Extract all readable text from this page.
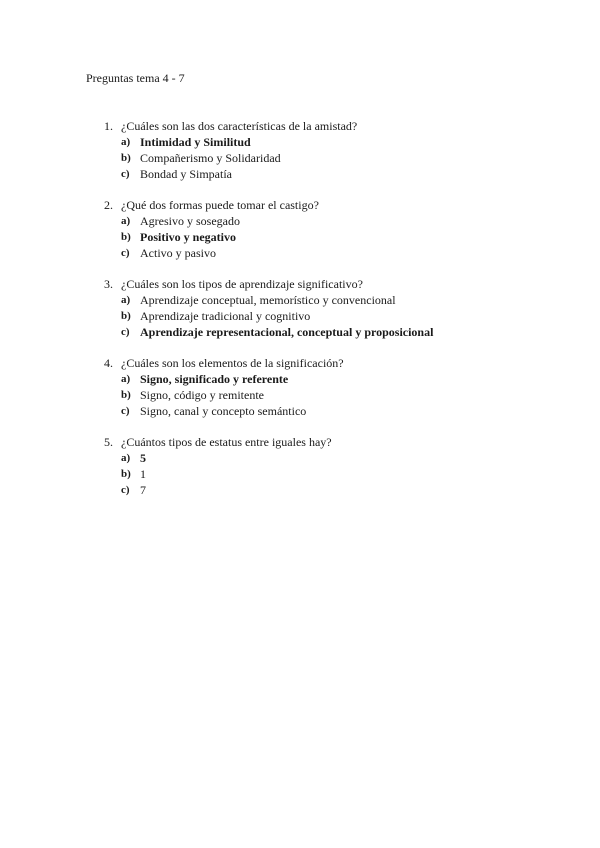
Preguntas tema 4 - 7
1. ¿Cuáles son las dos características de la amistad?
a) Intimidad y Similitud
b) Compañerismo y Solidaridad
c) Bondad y Simpatía
2. ¿Qué dos formas puede tomar el castigo?
a) Agresivo y sosegado
b) Positivo y negativo
c) Activo y pasivo
3. ¿Cuáles son los tipos de aprendizaje significativo?
a) Aprendizaje conceptual, memorístico y convencional
b) Aprendizaje tradicional y cognitivo
c) Aprendizaje representacional, conceptual y proposicional
4. ¿Cuáles son los elementos de la significación?
a) Signo, significado y referente
b) Signo, código y remitente
c) Signo, canal y concepto semántico
5. ¿Cuántos tipos de estatus entre iguales hay?
a) 5
b) 1
c) 7
